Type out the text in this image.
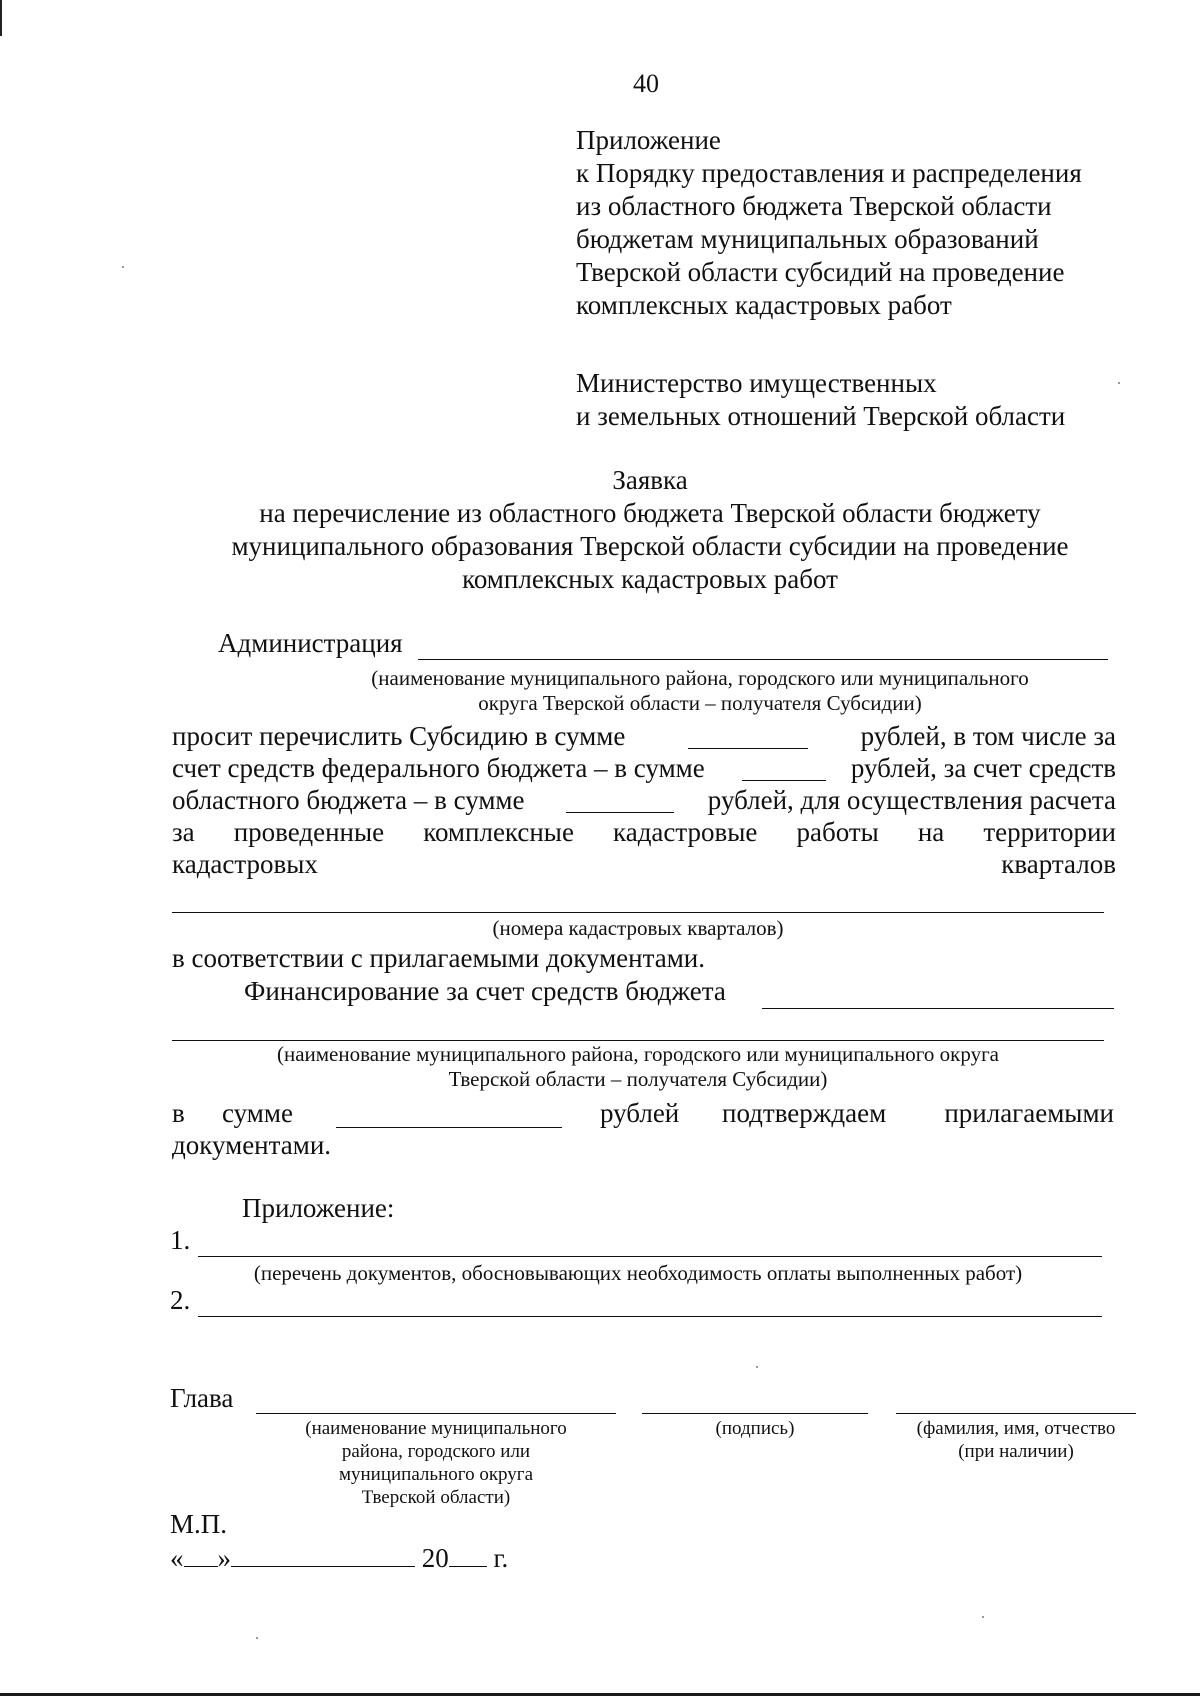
40
Приложение
к Порядку предоставления и распределения
из областного бюджета Тверской области
бюджетам муниципальных образований
Тверской области субсидий на проведение
комплексных кадастровых работ
Министерство имущественных
и земельных отношений Тверской области
Заявка
на перечисление из областного бюджета Тверской области бюджету
муниципального образования Тверской области субсидии на проведение
комплексных кадастровых работ
Администрация
(наименование муниципального района, городского или муниципального
округа Тверской области – получателя Субсидии)
просит перечислить Субсидию в сумме	рублей, в том числе за
счет средств федерального бюджета – в сумме	рублей, за счет средств
областного бюджета – в сумме	рублей, для осуществления расчета
за проведенные комплексные кадастровые работы на территории
кадастровых	кварталов
(номера кадастровых кварталов)
в соответствии с прилагаемыми документами.
Финансирование за счет средств бюджета
(наименование муниципального района, городского или муниципального округа
Тверской области – получателя Субсидии)
в сумме	рублей подтверждаем прилагаемыми
документами.
Приложение:
1.
(перечень документов, обосновывающих необходимость оплаты выполненных работ)
2.
Глава
(наименование муниципального
района, городского или
муниципального округа
Тверской области)
(подпись)	(фамилия, имя, отчество
(при наличии)
М.П.
« »	20 г.
